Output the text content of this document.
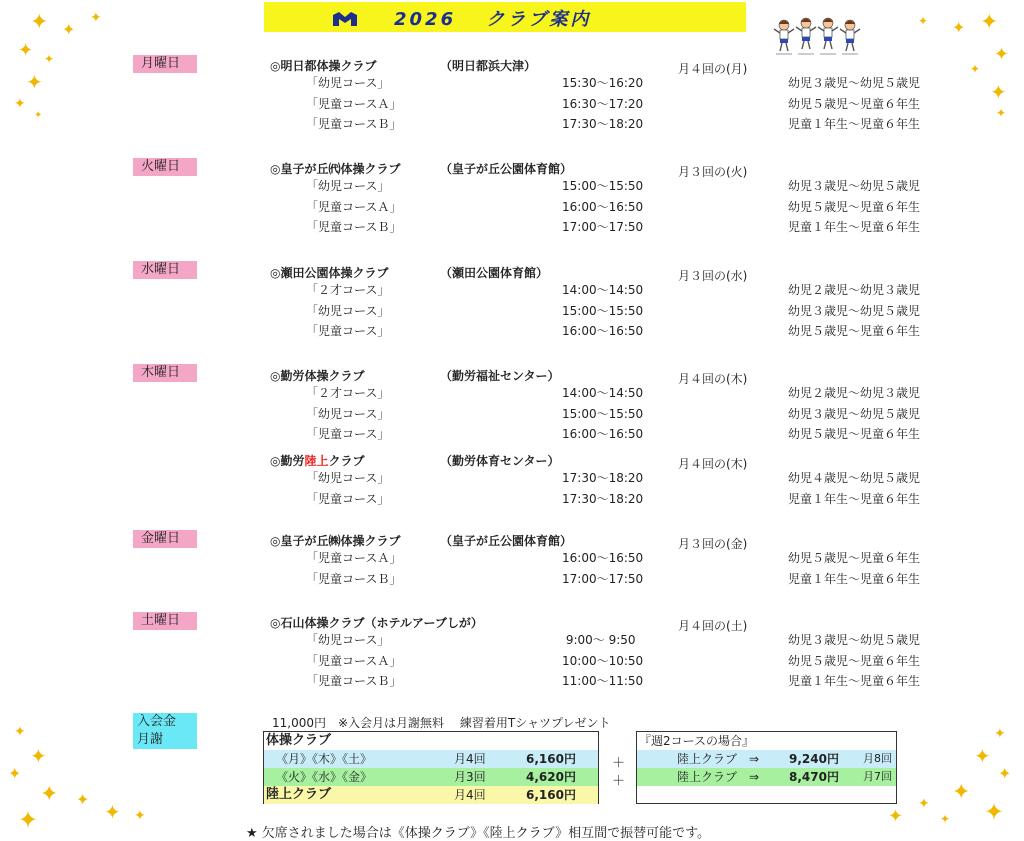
2026　 クラブ案内
✦ ✦
✦
✦ ✦
✦
✦
✦
✦
✦
✦
✦
✦
✦
✦
✦
✦
✦
✦ ✦
✦
✦	✦
✦
✦
✦
✦
✦ ✦
✦	✦
月曜日	◎明日都体操クラブ	（明日都浜大津）	月４回の(月)
「幼児コース」	15:30～16:20	幼児３歳児～幼児５歳児
「児童コースＡ」	16:30～17:20	幼児５歳児～児童６年生
「児童コースＢ」	17:30～18:20	児童１年生～児童６年生
火曜日	◎皇子が丘㈹体操クラブ	（皇子が丘公園体育館）	月３回の(火)
「幼児コース」	15:00～15:50	幼児３歳児～幼児５歳児
「児童コースＡ」	16:00～16:50	幼児５歳児～児童６年生
「児童コースＢ」	17:00～17:50	児童１年生～児童６年生
水曜日	◎瀬田公園体操クラブ	（瀬田公園体育館）	月３回の(水)
「２才コース」	14:00～14:50	幼児２歳児～幼児３歳児
「幼児コース」	15:00～15:50	幼児３歳児～幼児５歳児
「児童コース」	16:00～16:50	幼児５歳児～児童６年生
木曜日	◎勤労体操クラブ	（勤労福祉センター）	月４回の(木)
「２才コース」	14:00～14:50	幼児２歳児～幼児３歳児
「幼児コース」	15:00～15:50	幼児３歳児～幼児５歳児
「児童コース」	16:00～16:50	幼児５歳児～児童６年生
◎勤労陸上クラブ	（勤労体育センター）	月４回の(木)
「幼児コース」	17:30～18:20	幼児４歳児～幼児５歳児
「児童コース」	17:30～18:20	児童１年生～児童６年生
金曜日	◎皇子が丘㈱体操クラブ	（皇子が丘公園体育館）	月３回の(金)
「児童コースＡ」	16:00～16:50	幼児５歳児～児童６年生
「児童コースＢ」	17:00～17:50	児童１年生～児童６年生
土曜日	◎石山体操クラブ（ホテルアーブしが）	月４回の(土)
「幼児コース」	9:00～ 9:50	幼児３歳児～幼児５歳児
「児童コースＡ」	10:00～10:50	幼児５歳児～児童６年生
「児童コースＢ」	11:00～11:50	児童１年生～児童６年生
入会金
月謝
11,000円　※入会月は月謝無料　 練習着用Tシャツプレゼント
体操クラブ
《月》《木》《土》	月4回	6,160円
《火》《水》《金》	月3回	4,620円
陸上クラブ	月4回	6,160円
＋
＋
『週2コースの場合』
陸上クラブ ⇒ 9,240円 月8回
陸上クラブ ⇒ 8,470円 月7回
★ 欠席されました場合は《体操クラブ》《陸上クラブ》相互間で振替可能です。
